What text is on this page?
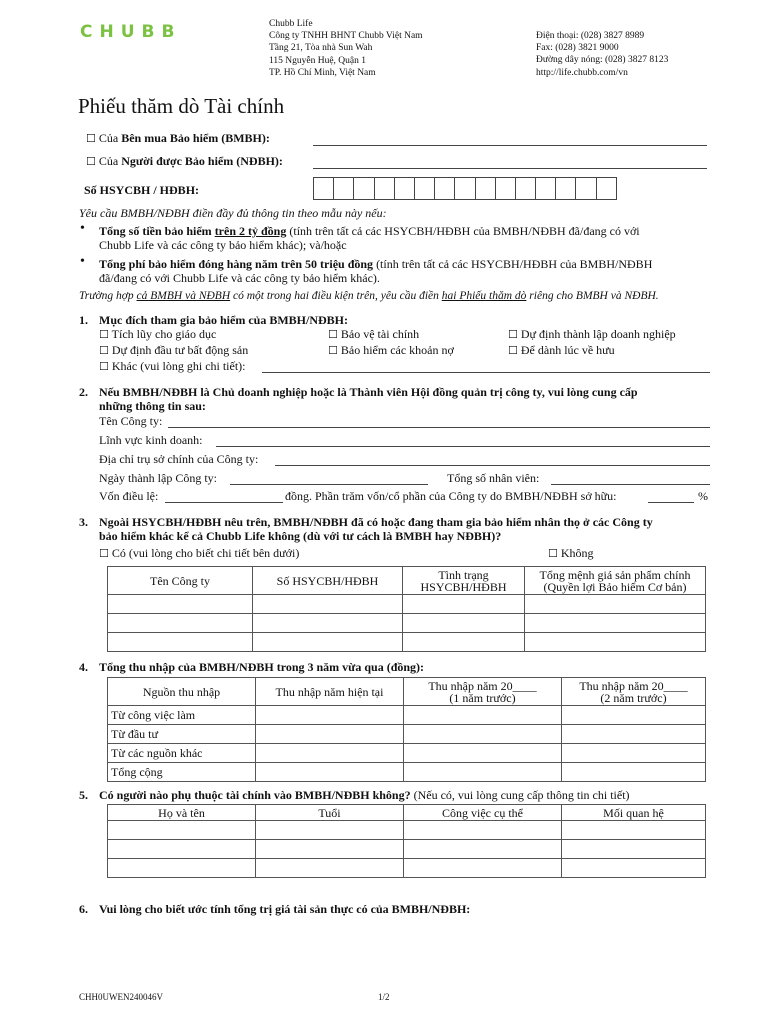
CHUBB	Chubb Life
Công ty TNHH BHNT Chubb Việt Nam
Tầng 21, Tòa nhà Sun Wah
115 Nguyễn Huệ, Quận 1
TP. Hồ Chí Minh, Việt Nam
Điện thoại: (028) 3827 8989
Fax: (028) 3821 9000
Đường dây nóng: (028) 3827 8123
http://life.chubb.com/vn
Phiếu thăm dò Tài chính
☐ Của Bên mua Bảo hiểm (BMBH):
☐ Của Người được Bảo hiểm (NĐBH):
Số HSYCBH / HĐBH:
Yêu cầu BMBH/NĐBH điền đầy đủ thông tin theo mẫu này nếu:
• Tổng số tiền bảo hiểm trên 2 tỷ đồng (tính trên tất cả các HSYCBH/HĐBH của BMBH/NĐBH đã/đang có với
Chubb Life và các công ty bảo hiểm khác); và/hoặc
• Tổng phí bảo hiểm đóng hàng năm trên 50 triệu đồng (tính trên tất cả các HSYCBH/HĐBH của BMBH/NĐBH
đã/đang có với Chubb Life và các công ty bảo hiểm khác).
Trường hợp cả BMBH và NĐBH có một trong hai điều kiện trên, yêu cầu điền hai Phiếu thăm dò riêng cho BMBH và NĐBH.
1. Mục đích tham gia bảo hiểm của BMBH/NĐBH:
☐ Tích lũy cho giáo dục	☐ Bảo vệ tài chính	☐ Dự định thành lập doanh nghiệp
☐ Dự định đầu tư bất động sản	☐ Bảo hiểm các khoản nợ	☐ Để dành lúc về hưu
☐ Khác (vui lòng ghi chi tiết):
2. Nếu BMBH/NĐBH là Chủ doanh nghiệp hoặc là Thành viên Hội đồng quản trị công ty, vui lòng cung cấp
những thông tin sau:
Tên Công ty:
Lĩnh vực kinh doanh:
Địa chỉ trụ sở chính của Công ty:
Ngày thành lập Công ty:	Tổng số nhân viên:
Vốn điều lệ:	đồng. Phần trăm vốn/cổ phần của Công ty do BMBH/NĐBH sở hữu:	%
3. Ngoài HSYCBH/HĐBH nêu trên, BMBH/NĐBH đã có hoặc đang tham gia bảo hiểm nhân thọ ở các Công ty
bảo hiểm khác kể cả Chubb Life không (dù với tư cách là BMBH hay NĐBH)?
☐ Có (vui lòng cho biết chi tiết bên dưới)	☐ Không
Tên Công ty	Số HSYCBH/HĐBH	Tình trạng
HSYCBH/HĐBH	Tổng mệnh giá sản phẩm chính
(Quyền lợi Bảo hiểm Cơ bản)

4. Tổng thu nhập của BMBH/NĐBH trong 3 năm vừa qua (đồng):
Nguồn thu nhập	Thu nhập năm hiện tại	Thu nhập năm 20____
(1 năm trước)	Thu nhập năm 20____
(2 năm trước)
Từ công việc làm			
Từ đầu tư			
Từ các nguồn khác			
Tổng cộng			
5. Có người nào phụ thuộc tài chính vào BMBH/NĐBH không? (Nếu có, vui lòng cung cấp thông tin chi tiết)
Họ và tên	Tuổi	Công việc cụ thể	Mối quan hệ

6. Vui lòng cho biết ước tính tổng trị giá tài sản thực có của BMBH/NĐBH:
CHH0UWEN240046V	1/2
